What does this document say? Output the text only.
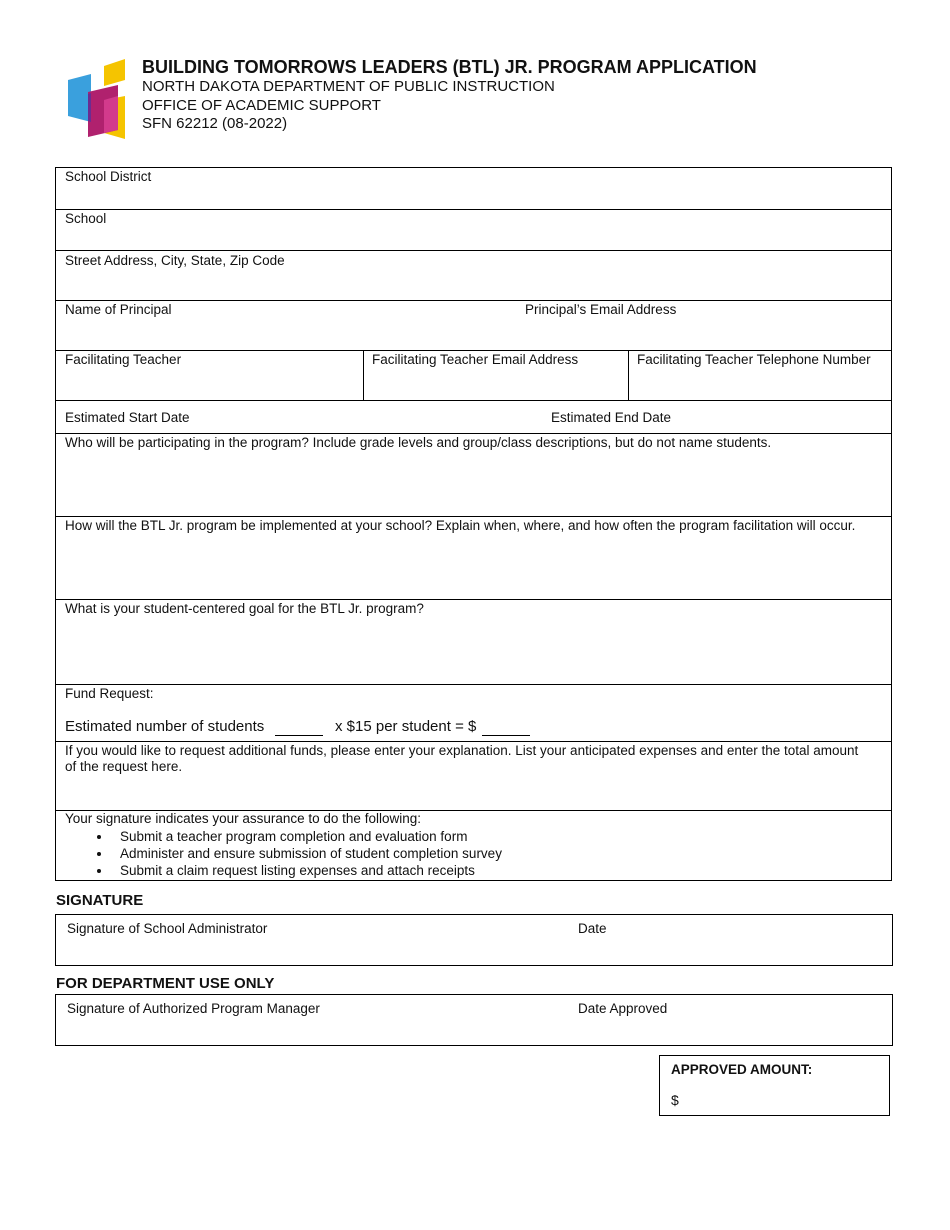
BUILDING TOMORROWS LEADERS (BTL) JR. PROGRAM APPLICATION
NORTH DAKOTA DEPARTMENT OF PUBLIC INSTRUCTION
OFFICE OF ACADEMIC SUPPORT
SFN 62212 (08-2022)
School District
School
Street Address, City, State, Zip Code
Name of Principal	Principal’s Email Address
Facilitating Teacher	Facilitating Teacher Email Address	Facilitating Teacher Telephone Number
Estimated Start Date	Estimated End Date
Who will be participating in the program? Include grade levels and group/class descriptions, but do not name students.
How will the BTL Jr. program be implemented at your school? Explain when, where, and how often the program facilitation will occur.
What is your student-centered goal for the BTL Jr. program?
Fund Request:
Estimated number of students	x $15 per student = $
If you would like to request additional funds, please enter your explanation. List your anticipated expenses and enter the total amount of the request here.
Your signature indicates your assurance to do the following:
• Submit a teacher program completion and evaluation form
• Administer and ensure submission of student completion survey
• Submit a claim request listing expenses and attach receipts
SIGNATURE
Signature of School Administrator	Date
FOR DEPARTMENT USE ONLY
Signature of Authorized Program Manager	Date Approved
APPROVED AMOUNT:
$
